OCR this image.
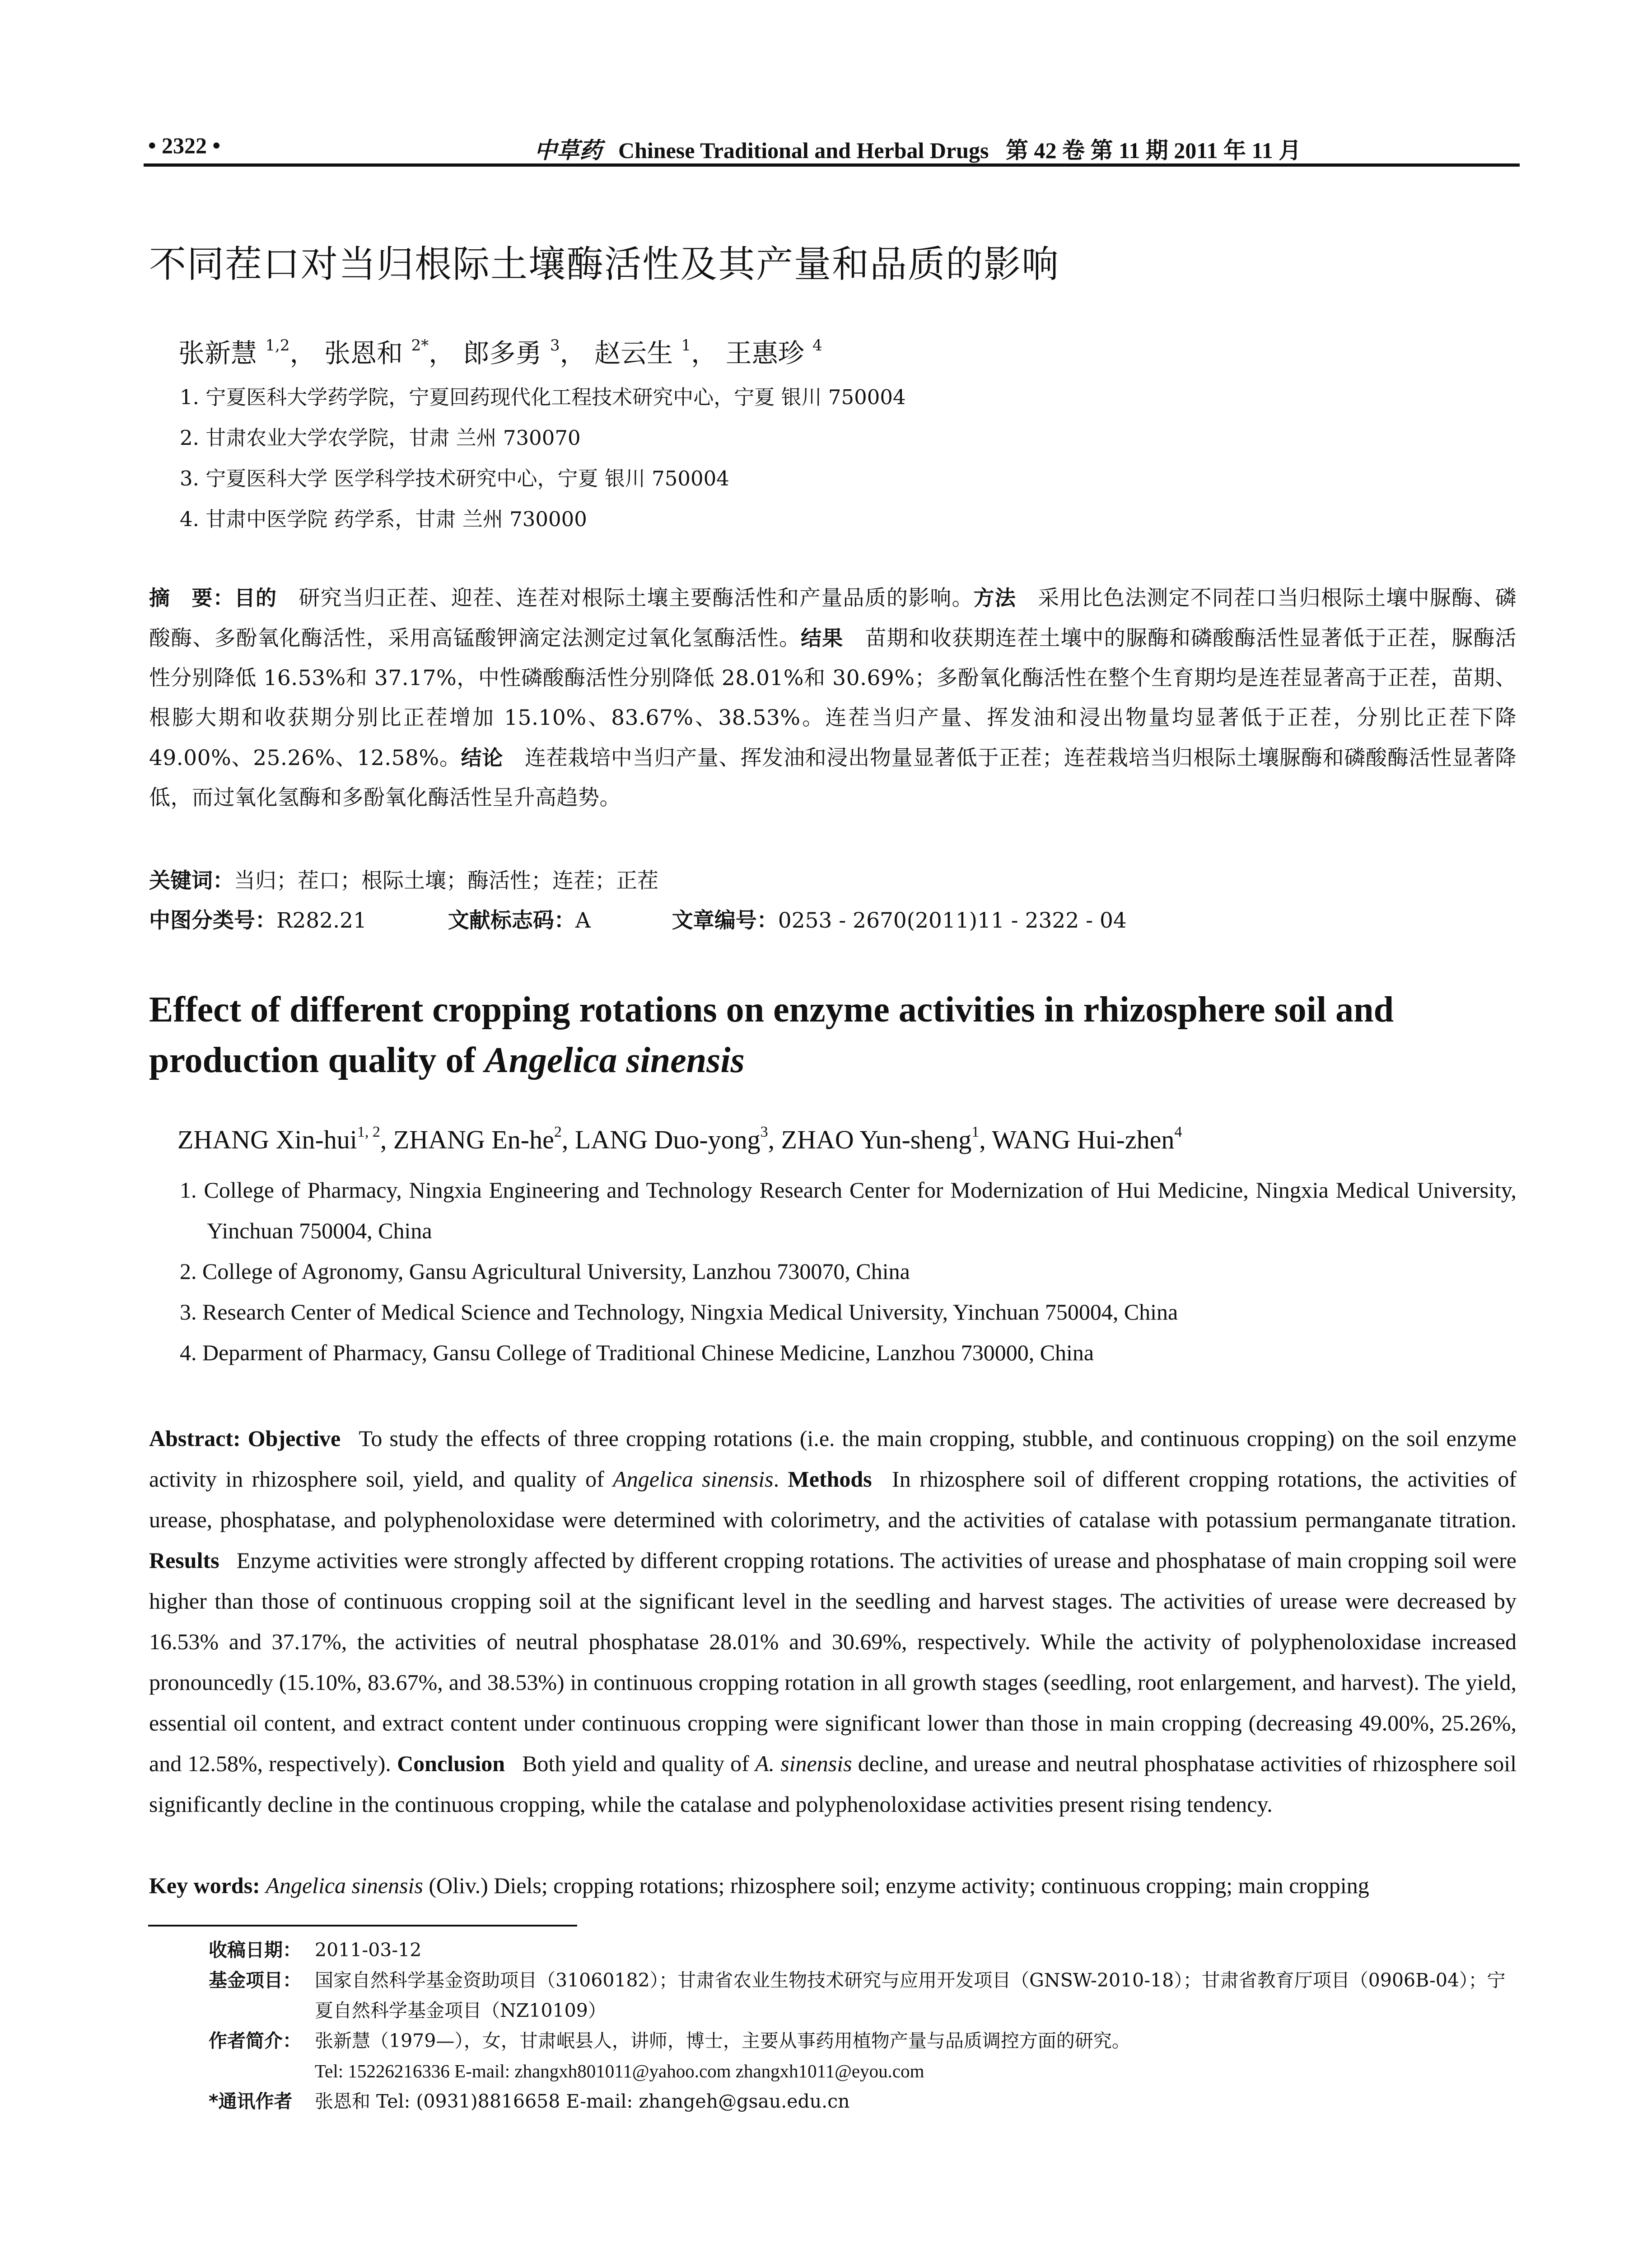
• 2322 •	中草药 Chinese Traditional and Herbal Drugs 第 42 卷 第 11 期 2011 年 11 月
不同茬口对当归根际土壤酶活性及其产量和品质的影响
张新慧 $^{1,2}$， 张恩和 $^{2*}$， 郎多勇 $^3$， 赵云生 $^1$， 王惠珍 $^4$
1. 宁夏医科大学药学院，宁夏回药现代化工程技术研究中心，宁夏 银川 750004
2. 甘肃农业大学农学院，甘肃 兰州 730070
3. 宁夏医科大学 医学科学技术研究中心，宁夏 银川 750004
4. 甘肃中医学院 药学系，甘肃 兰州 730000
摘　要：目的  研究当归正茬、迎茬、连茬对根际土壤主要酶活性和产量品质的影响。方法  采用比色法测定不同茬口当归根际土壤中脲酶、磷酸酶、多酚氧化酶活性，采用高锰酸钾滴定法测定过氧化氢酶活性。结果  苗期和收获期连茬土壤中的脲酶和磷酸酶活性显著低于正茬，脲酶活性分别降低 16.53%和 37.17%，中性磷酸酶活性分别降低 28.01%和 30.69%；多酚氧化酶活性在整个生育期均是连茬显著高于正茬，苗期、根膨大期和收获期分别比正茬增加 15.10%、83.67%、38.53%。连茬当归产量、挥发油和浸出物量均显著低于正茬，分别比正茬下降 49.00%、25.26%、12.58%。结论  连茬栽培中当归产量、挥发油和浸出物量显著低于正茬；连茬栽培当归根际土壤脲酶和磷酸酶活性显著降低，而过氧化氢酶和多酚氧化酶活性呈升高趋势。
关键词：当归；茬口；根际土壤；酶活性；连茬；正茬
中图分类号：R282.21	文献标志码：A	文章编号：0253 - 2670(2011)11 - 2322 - 04
Effect of different cropping rotations on enzyme activities in rhizosphere soil and production quality of Angelica sinensis
ZHANG Xin-hui$^{1, 2}$, ZHANG $En-he^2$, LANG Duo-yong$^3$, ZHAO Yun-sheng$^1$, WANG Hui-zhen$^4$
1. College of Pharmacy, Ningxia Engineering and Technology Research Center for Modernization of Hui Medicine, Ningxia Medical University, Yinchuan 750004, China
2. College of Agronomy, Gansu Agricultural University, Lanzhou 730070, China
3. Research Center of Medical Science and Technology, Ningxia Medical University, Yinchuan 750004, China
4. Deparment of Pharmacy, Gansu College of Traditional Chinese Medicine, Lanzhou 730000, China
Abstract: Objective  To study the effects of three cropping rotations (i.e. the main cropping, stubble, and continuous cropping) on the soil enzyme activity in rhizosphere soil, yield, and quality of Angelica sinensis. Methods  In rhizosphere soil of different cropping rotations, the activities of urease, phosphatase, and polyphenoloxidase were determined with colorimetry, and the activities of catalase with potassium permanganate titration. Results  Enzyme activities were strongly affected by different cropping rotations. The activities of urease and phosphatase of main cropping soil were higher than those of continuous cropping soil at the significant level in the seedling and harvest stages. The activities of urease were decreased by 16.53% and 37.17%, the activities of neutral phosphatase 28.01% and 30.69%, respectively. While the activity of polyphenoloxidase increased pronouncedly (15.10%, 83.67%, and 38.53%) in continuous cropping rotation in all growth stages (seedling, root enlargement, and harvest). The yield, essential oil content, and extract content under continuous cropping were significant lower than those in main cropping (decreasing 49.00%, 25.26%, and 12.58%, respectively). Conclusion  Both yield and quality of A. sinensis decline, and urease and neutral phosphatase activities of rhizosphere soil significantly decline in the continuous cropping, while the catalase and polyphenoloxidase activities present rising tendency.
Key words: Angelica sinensis (Oliv.) Diels; cropping rotations; rhizosphere soil; enzyme activity; continuous cropping; main cropping
收稿日期： 2011-03-12
基金项目： 国家自然科学基金资助项目（31060182）；甘肃省农业生物技术研究与应用开发项目（GNSW-2010-18）；甘肃省教育厅项目（0906B-04）；宁夏自然科学基金项目（NZ10109）
作者简介： 张新慧（1979—），女，甘肃岷县人，讲师，博士，主要从事药用植物产量与品质调控方面的研究。
Tel: 15226216336 E-mail: zhangxh801011@yahoo.com zhangxh1011@eyou.com
*通讯作者 张恩和 Tel: (0931)8816658 E-mail: zhangeh@gsau.edu.cn
